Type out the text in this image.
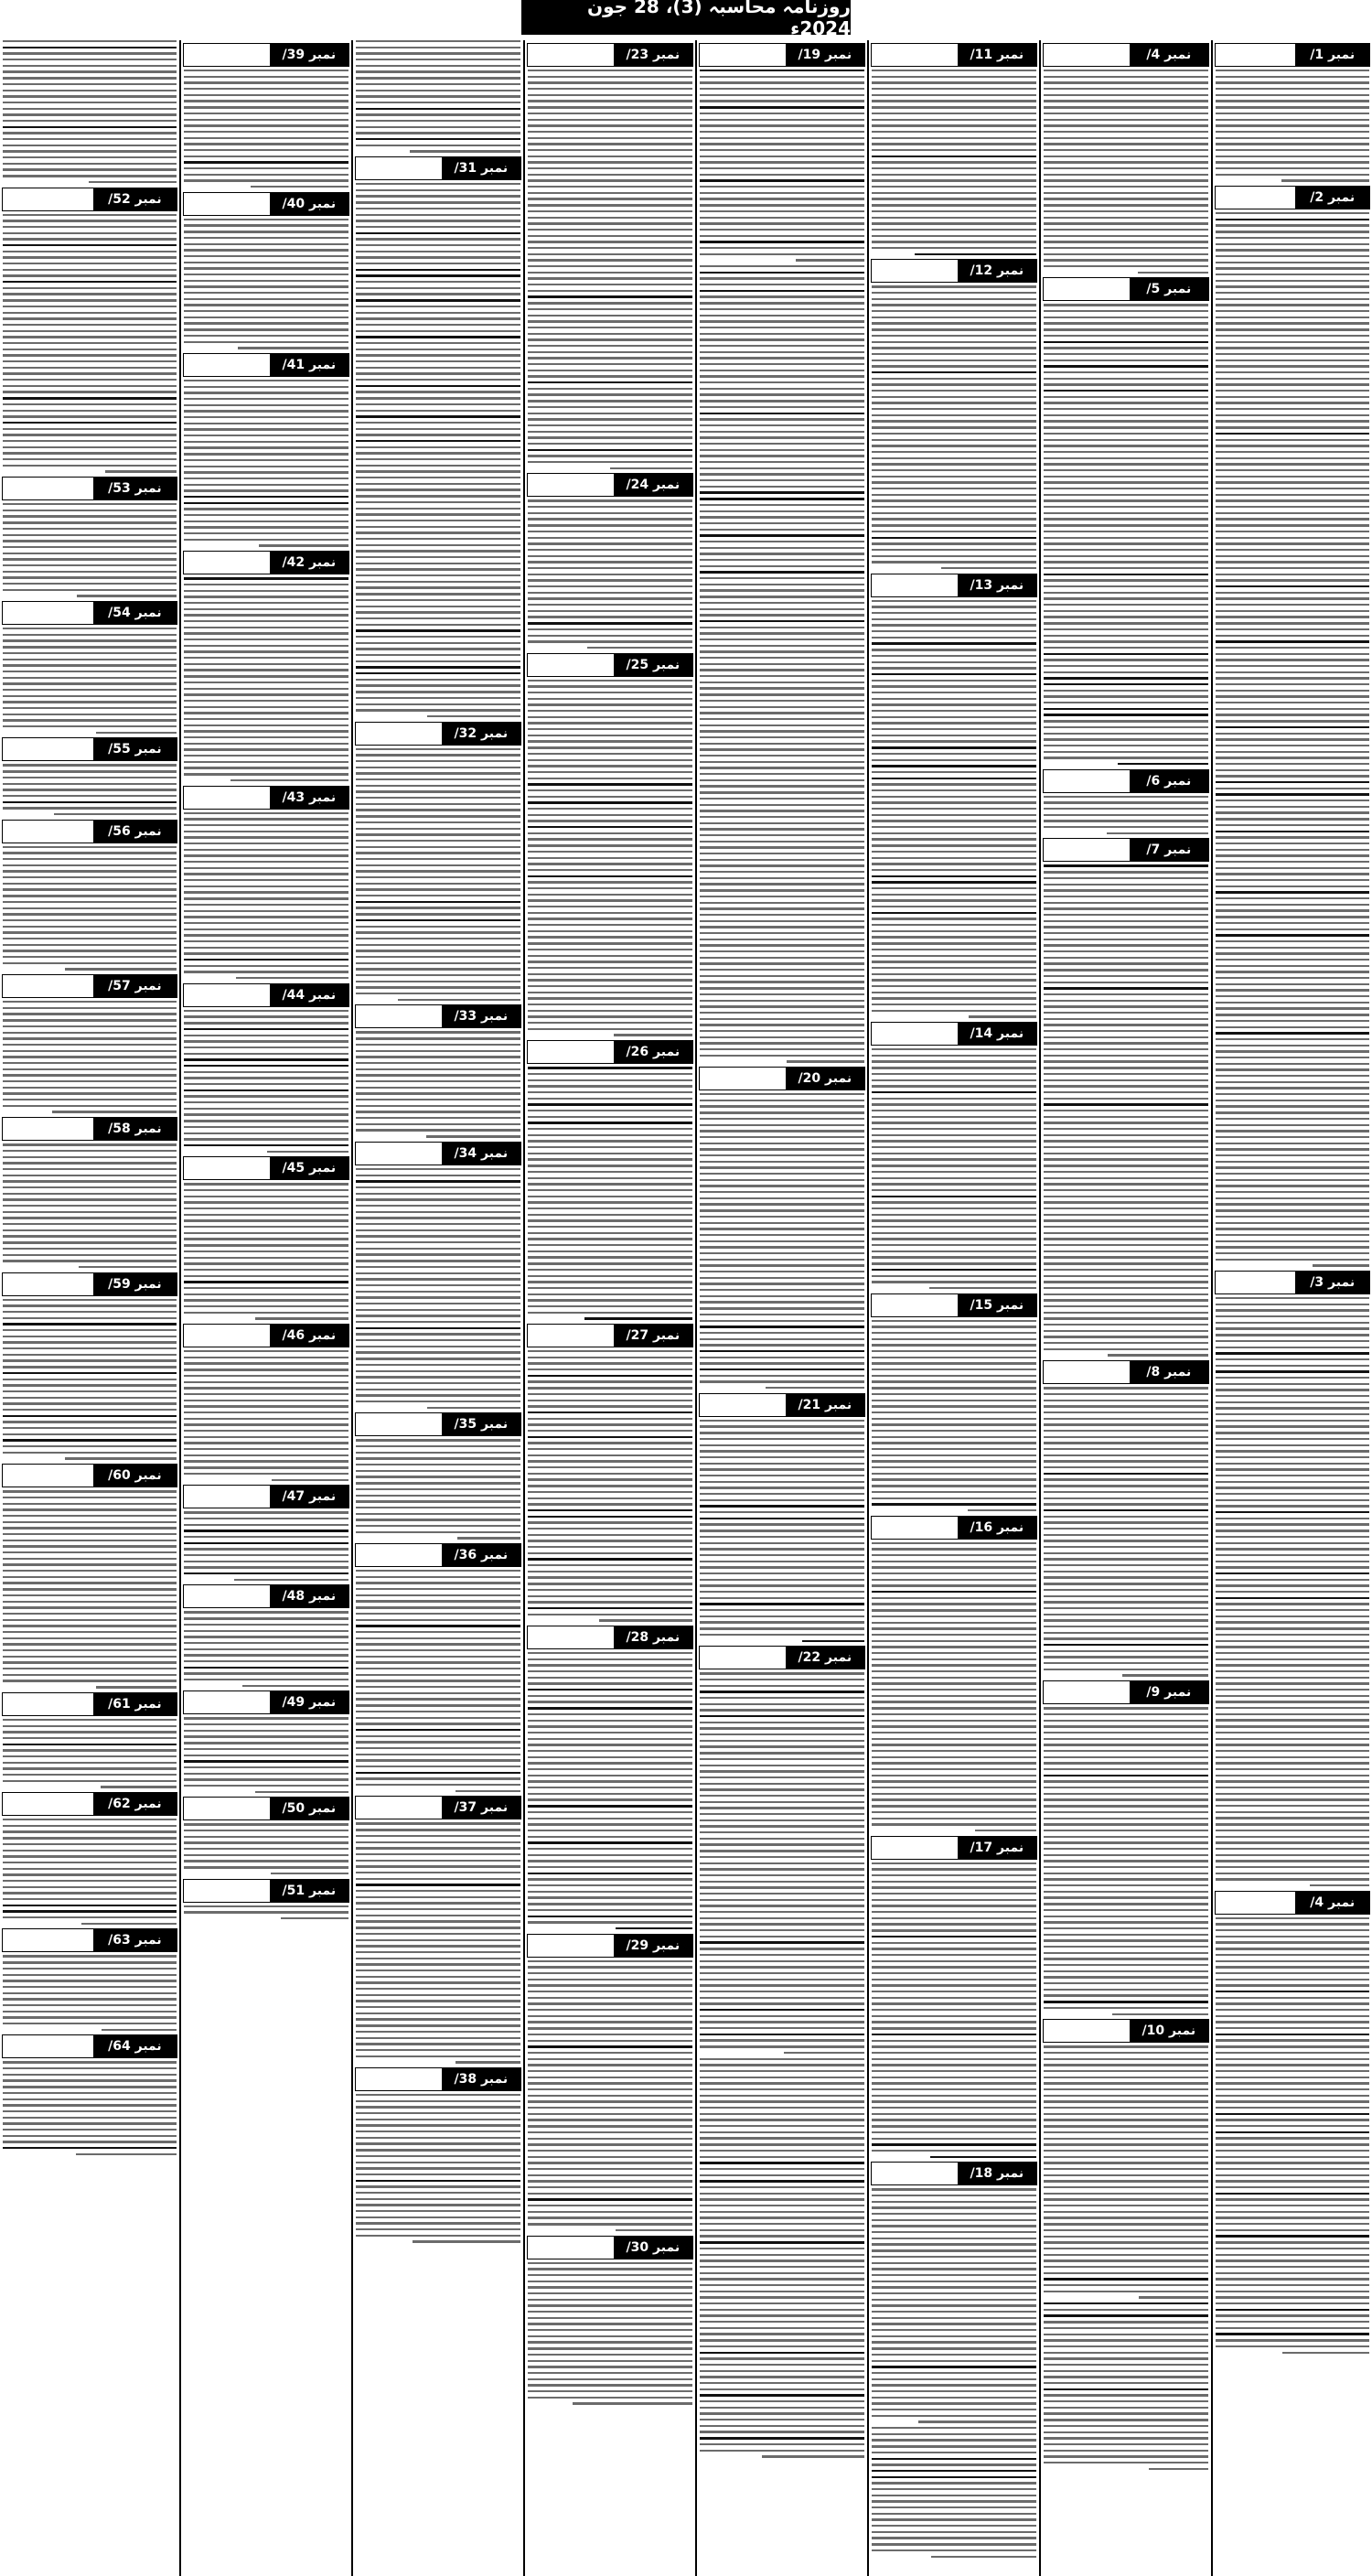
روزنامہ محاسبہ (3)، 28 جون 2024ء
نمبر 1/
نمبر 2/
نمبر 3/
نمبر 4/
نمبر 4/
نمبر 5/
نمبر 6/
نمبر 7/
نمبر 8/
نمبر 9/
نمبر 10/
نمبر 11/
نمبر 12/
نمبر 13/
نمبر 14/
نمبر 15/
نمبر 16/
نمبر 17/
نمبر 18/
نمبر 19/
نمبر 20/
نمبر 21/
نمبر 22/
نمبر 23/
نمبر 24/
نمبر 25/
نمبر 26/
نمبر 27/
نمبر 28/
نمبر 29/
نمبر 30/
نمبر 31/
نمبر 32/
نمبر 33/
نمبر 34/
نمبر 35/
نمبر 36/
نمبر 37/
نمبر 38/
نمبر 39/
نمبر 40/
نمبر 41/
نمبر 42/
نمبر 43/
نمبر 44/
نمبر 45/
نمبر 46/
نمبر 47/
نمبر 48/
نمبر 49/
نمبر 50/
نمبر 51/
نمبر 52/
نمبر 53/
نمبر 54/
نمبر 55/
نمبر 56/
نمبر 57/
نمبر 58/
نمبر 59/
نمبر 60/
نمبر 61/
نمبر 62/
نمبر 63/
نمبر 64/
